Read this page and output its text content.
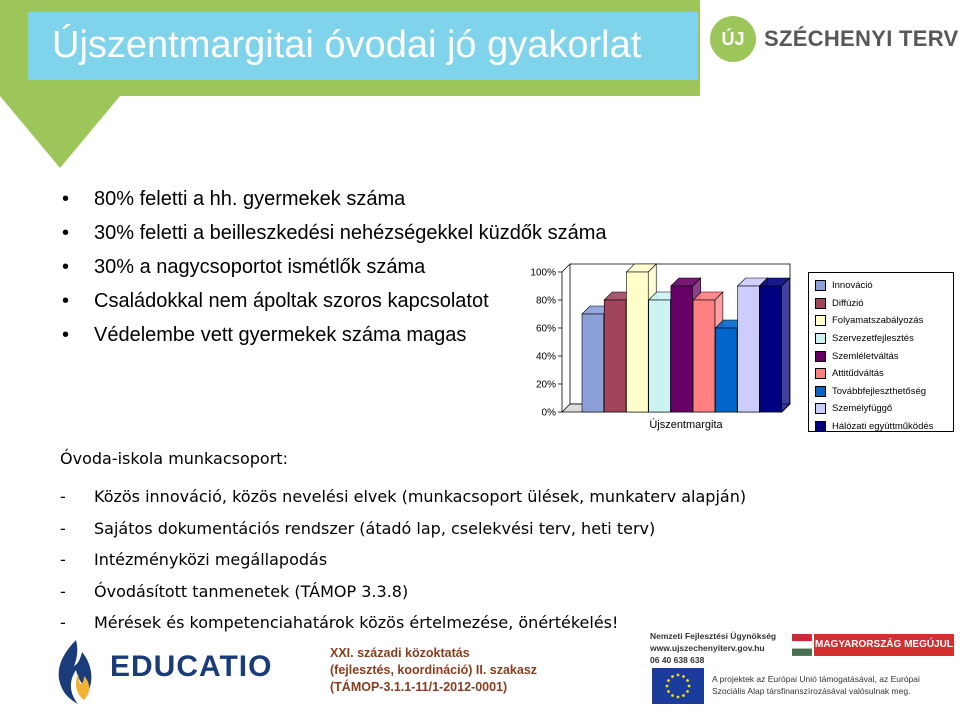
Újszentmargitai óvodai jó gyakorlat	ÚJ SZÉCHENYI TERV
• 80% feletti a hh. gyermekek száma
• 30% feletti a beilleszkedési nehézségekkel küzdők száma
• 30% a nagycsoportot ismétlők száma
• Családokkal nem ápoltak szoros kapcsolatot
• Védelembe vett gyermekek száma magas
0%
20%
40%
60%
80%
100%
Újszentmargita
Innováció
Diffúzió
Folyamatszabályozás
Szervezetfejlesztés
Szemléletváltás
Attitűdváltás
Továbbfejleszthetőség
Személyfüggő
Hálózati együttműködés
Óvoda-iskola munkacsoport:
- Közös innováció, közös nevelési elvek (munkacsoport ülések, munkaterv alapján)
- Sajátos dokumentációs rendszer (átadó lap, cselekvési terv, heti terv)
- Intézményközi megállapodás
- Óvodásított tanmenetek (TÁMOP 3.3.8)
- Mérések és kompetenciahatárok közös értelmezése, önértékelés!
EDUCATIO	XXI. századi közoktatás
(fejlesztés, koordináció) II. szakasz
(TÁMOP-3.1.1-11/1-2012-0001)
Nemzeti Fejlesztési Ügynökség
www.ujszechenyiterv.gov.hu
06 40 638 638
MAGYARORSZÁG MEGÚJUL
A projektek az Európai Unió támogatásával, az Európai
Szociális Alap társfinanszírozásával valósulnak meg.
